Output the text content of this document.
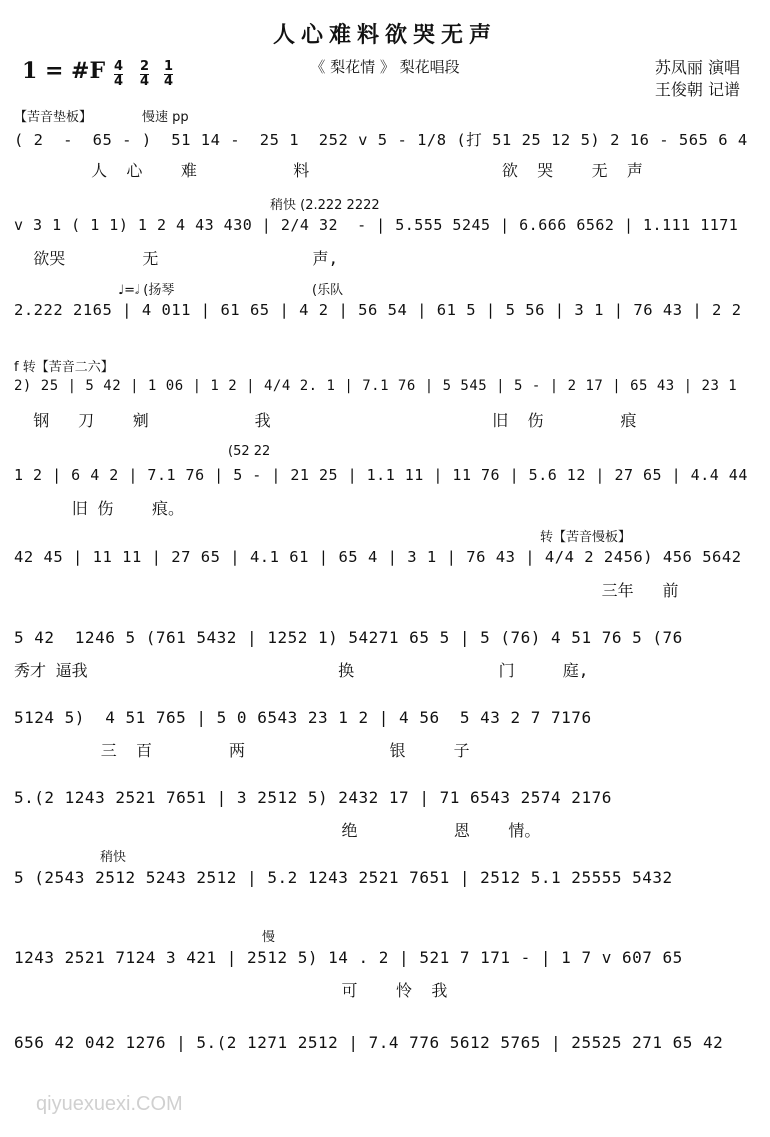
人心难料欲哭无声
《 梨花情 》 梨花唱段
1 = #F 4
4
2
4
1
4
苏凤丽 演唱
王俊朝 记谱
【苦音垫板】	慢速 pp
( 2  -  65 - )  51 14 -  25 1  252 v 5 - 1/8 (打 51 25 12 5) 2 16 - 565 6 4
人  心    难          料                    欲  哭    无  声
稍快 (2.222 2222
v 3 1 ( 1 1) 1 2 4 43 430 | 2/4 32  - | 5.555 5245 | 6.666 6562 | 1.111 1171
欲哭        无                声,
♩=𝅗𝅥 (扬琴	(乐队
2.222 2165 | 4 011 | 61 65 | 4 2 | 56 54 | 61 5 | 5 56 | 3 1 | 76 43 | 2 2
f 转【苦音二六】
2) 25 | 5 42 | 1 06 | 1 2 | 4/4 2. 1 | 7.1 76 | 5 545 | 5 - | 2 17 | 65 43 | 23 1
钢   刀    剜           我                       旧  伤        痕
(52 22
1 2 | 6 4 2 | 7.1 76 | 5 - | 21 25 | 1.1 11 | 11 76 | 5.6 12 | 27 65 | 4.4 44
旧 伤    痕。
转【苦音慢板】
42 45 | 11 11 | 27 65 | 4.1 61 | 65 4 | 3 1 | 76 43 | 4/4 2 2456) 456 5642
三年   前
5 42  1246 5 (761 5432 | 1252 1) 54271 65 5 | 5 (76) 4 51 76 5 (76
秀才 逼我                          换               门     庭,
5124 5)  4 51 765 | 5 0 6543 23 1 2 | 4 56  5 43 2 7 7176
三  百        两               银     子
5.(2 1243 2521 7651 | 3 2512 5) 2432 17 | 71 6543 2574 2176
绝          恩    情。
稍快
5 (2543 2512 5243 2512 | 5.2 1243 2521 7651 | 2512 5.1 25555 5432
慢
1243 2521 7124 3 421 | 2512 5) 14 . 2 | 521 7 171 - | 1 7 v 607 65
可    怜  我
656 42 042 1276 | 5.(2 1271 2512 | 7.4 776 5612 5765 | 25525 271 65 42
qiyuexuexi.COM
